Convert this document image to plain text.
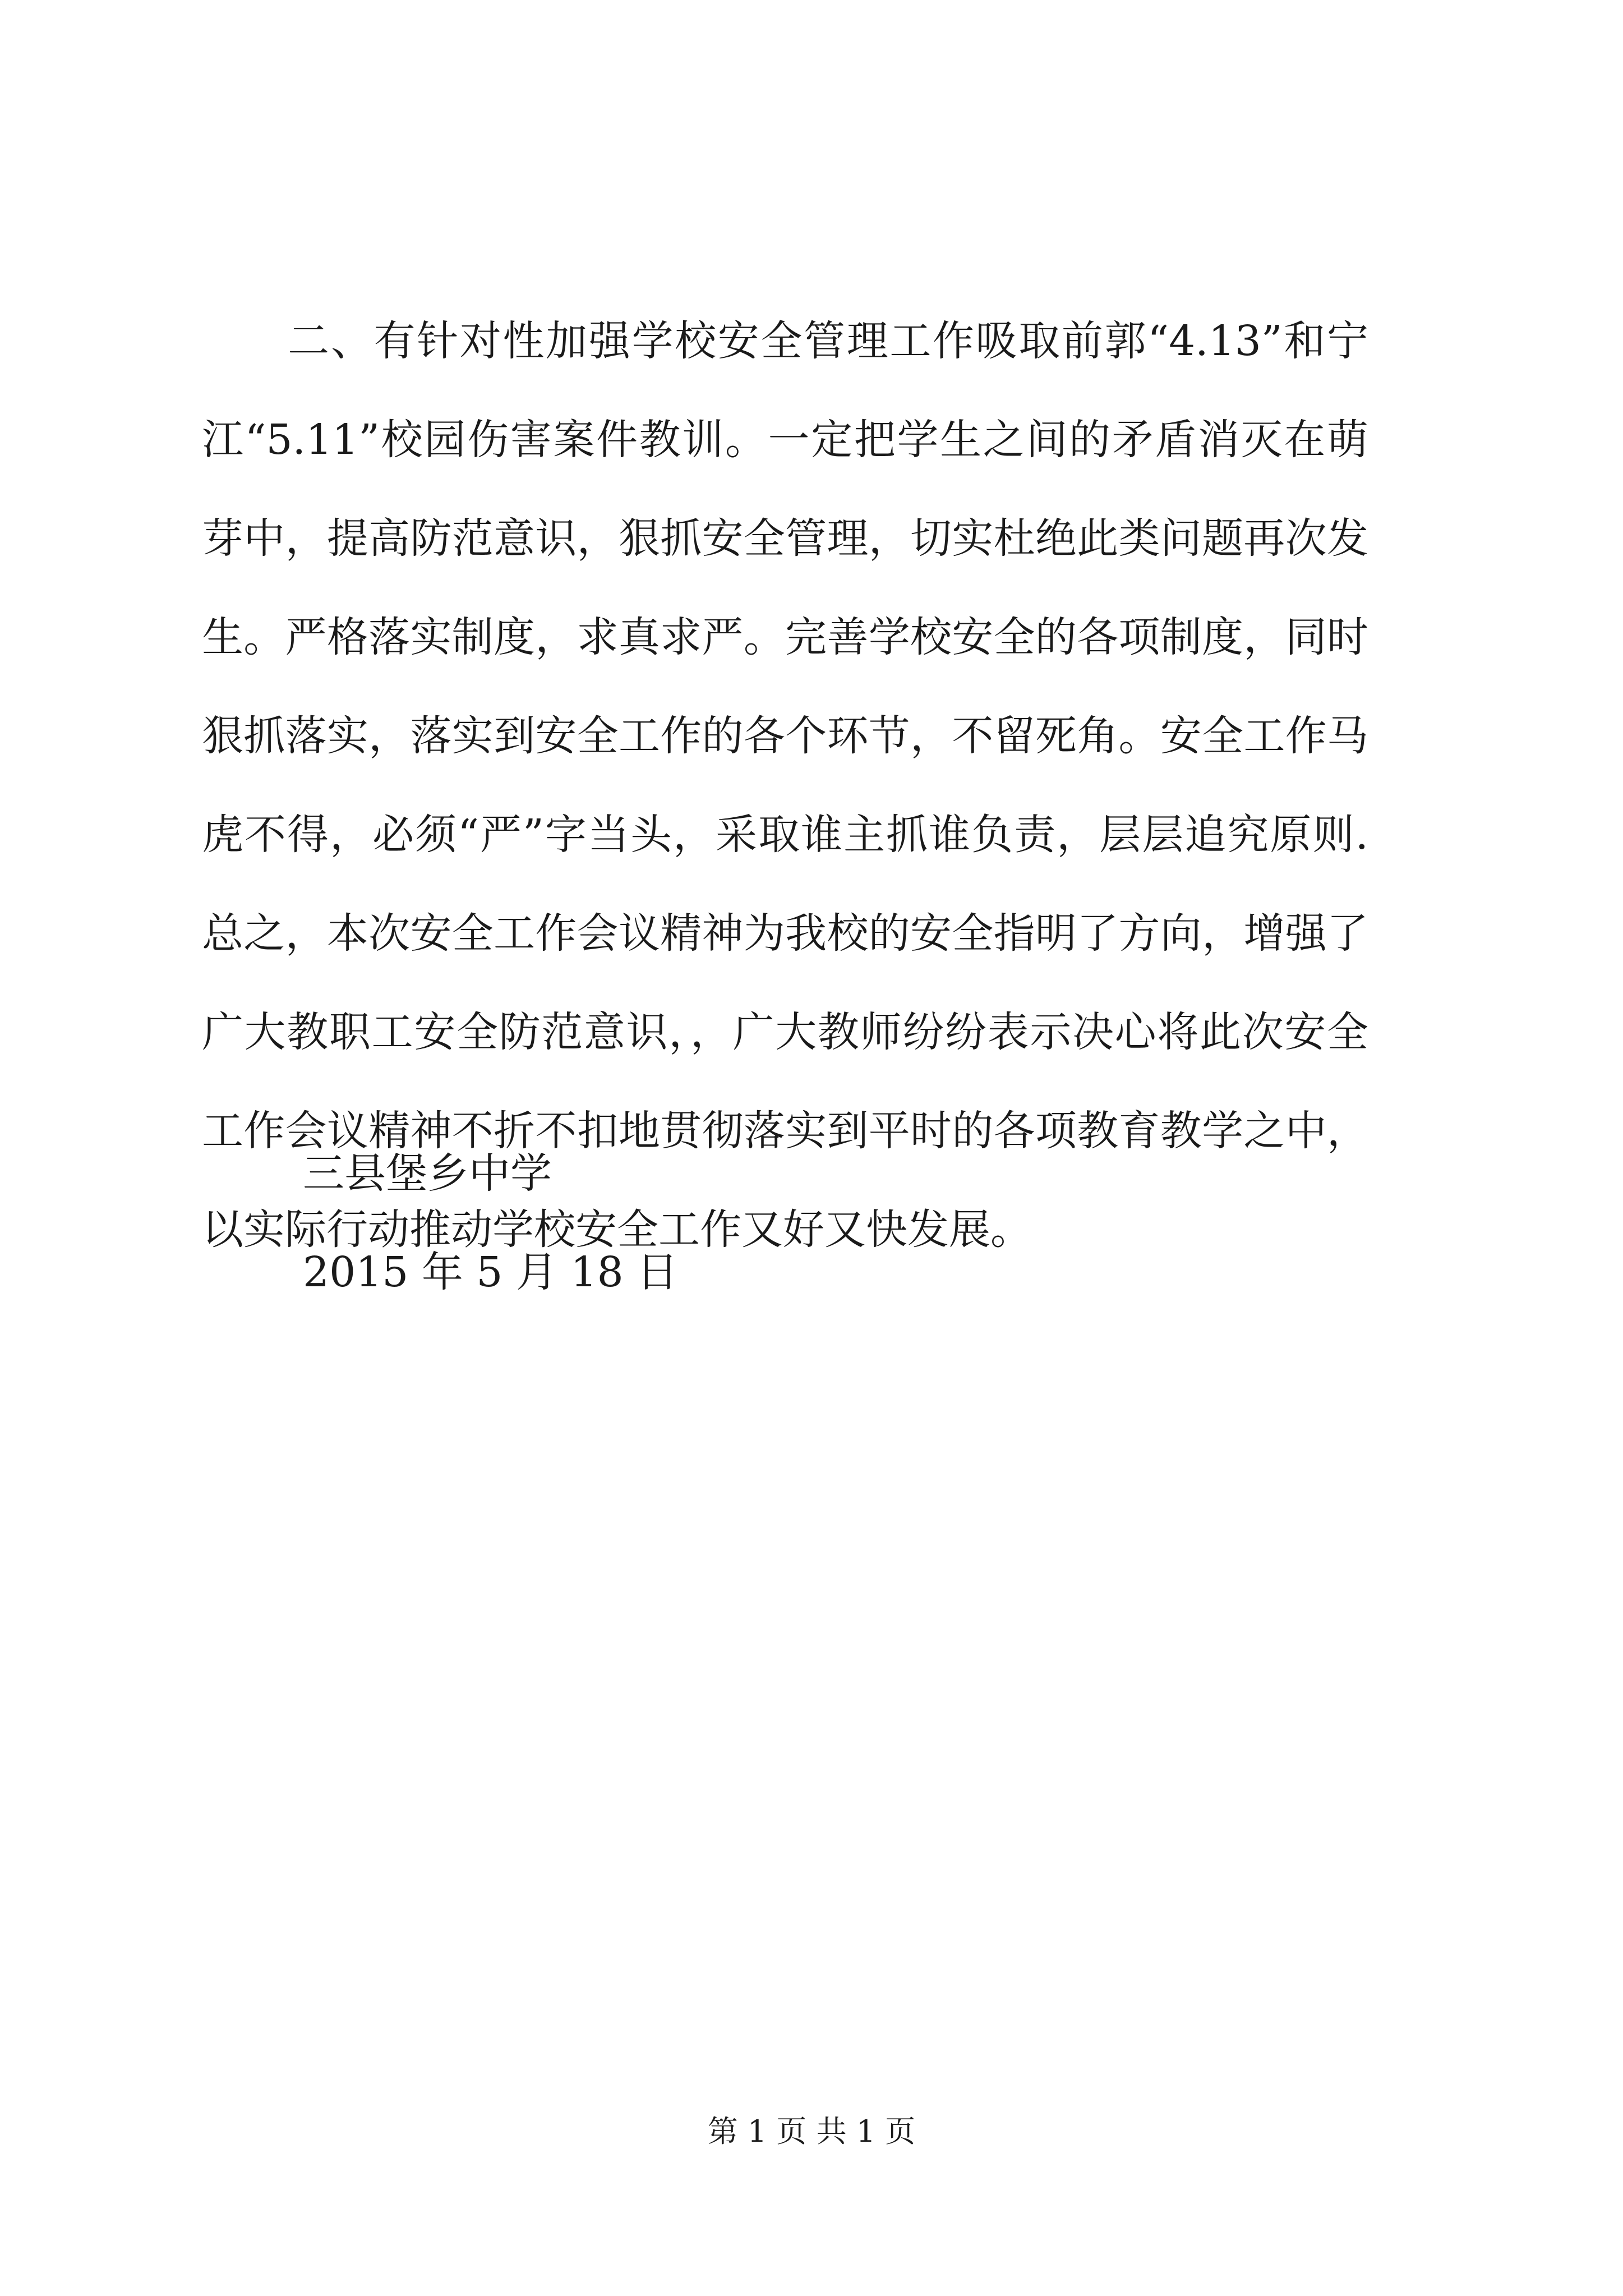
　　二、有针对性加强学校安全管理工作吸取前郭“4.13”和宁
江“5.11”校园伤害案件教训。一定把学生之间的矛盾消灭在萌
芽中，提高防范意识，狠抓安全管理，切实杜绝此类问题再次发
生。严格落实制度，求真求严。完善学校安全的各项制度，同时
狠抓落实，落实到安全工作的各个环节，不留死角。安全工作马
虎不得，必须“严”字当头，采取谁主抓谁负责，层层追究原则.
总之，本次安全工作会议精神为我校的安全指明了方向，增强了
广大教职工安全防范意识，，广大教师纷纷表示决心将此次安全
工作会议精神不折不扣地贯彻落实到平时的各项教育教学之中，
以实际行动推动学校安全工作又好又快发展。
三县堡乡中学
2015 年 5 月 18 日
第 1 页 共 1 页
